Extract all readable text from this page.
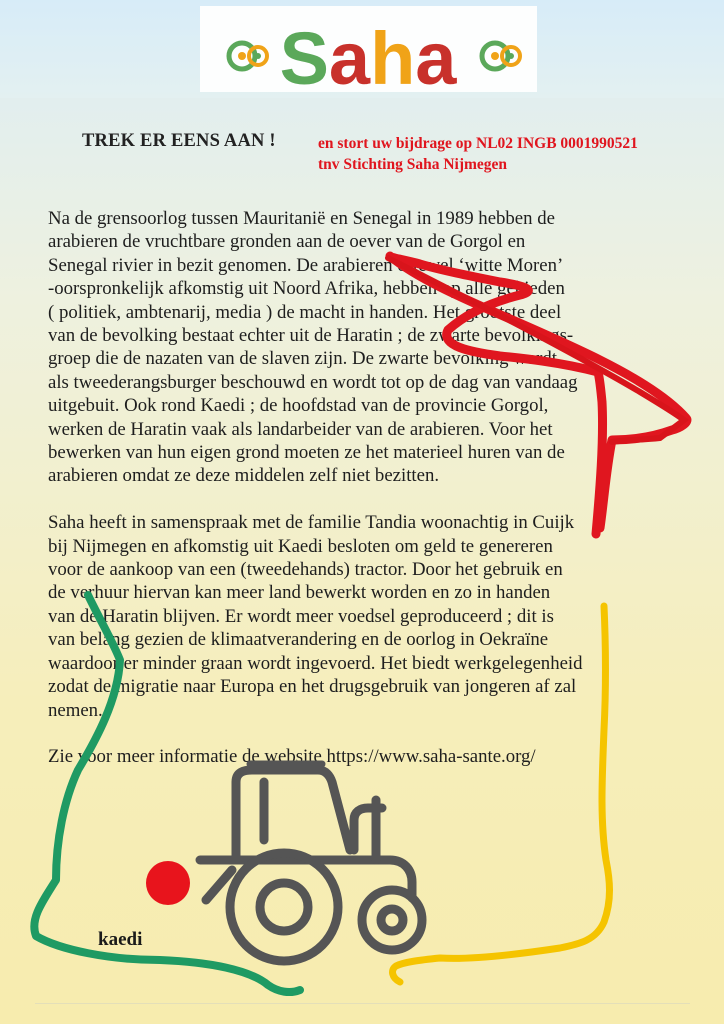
Saha
TREK ER EENS AAN !	en stort uw bijdrage op NL02 INGB 0001990521
tnv Stichting Saha Nijmegen
Na de grensoorlog tussen Mauritanië en Senegal in 1989 hebben de
arabieren de vruchtbare gronden aan de oever van de Gorgol en
Senegal rivier in bezit genomen. De arabieren oftewel ‘witte Moren’
-oorspronkelijk afkomstig uit Noord Afrika, hebben op alle gebieden
( politiek, ambtenarij, media ) de macht in handen. Het grootste deel
van de bevolking bestaat echter uit de Haratin ; de zwarte bevolkings-
groep die de nazaten van de slaven zijn. De zwarte bevolking wordt
als tweederangsburger beschouwd en wordt tot op de dag van vandaag
uitgebuit. Ook rond Kaedi ; de hoofdstad van de provincie Gorgol,
werken de Haratin vaak als landarbeider van de arabieren. Voor het
bewerken van hun eigen grond moeten ze het materieel huren van de
arabieren omdat ze deze middelen zelf niet bezitten.
Saha heeft in samenspraak met de familie Tandia woonachtig in Cuijk
bij Nijmegen en afkomstig uit Kaedi besloten om geld te genereren
voor de aankoop van een (tweedehands) tractor. Door het gebruik en
de verhuur hiervan kan meer land bewerkt worden en zo in handen
van de Haratin blijven. Er wordt meer voedsel geproduceerd ; dit is
van belang gezien de klimaatverandering en de oorlog in Oekraïne
waardoor er minder graan wordt ingevoerd. Het biedt werkgelegenheid
zodat de migratie naar Europa en het drugsgebruik van jongeren af zal
nemen.
Zie voor meer informatie de website https://www.saha-sante.org/
kaedi
